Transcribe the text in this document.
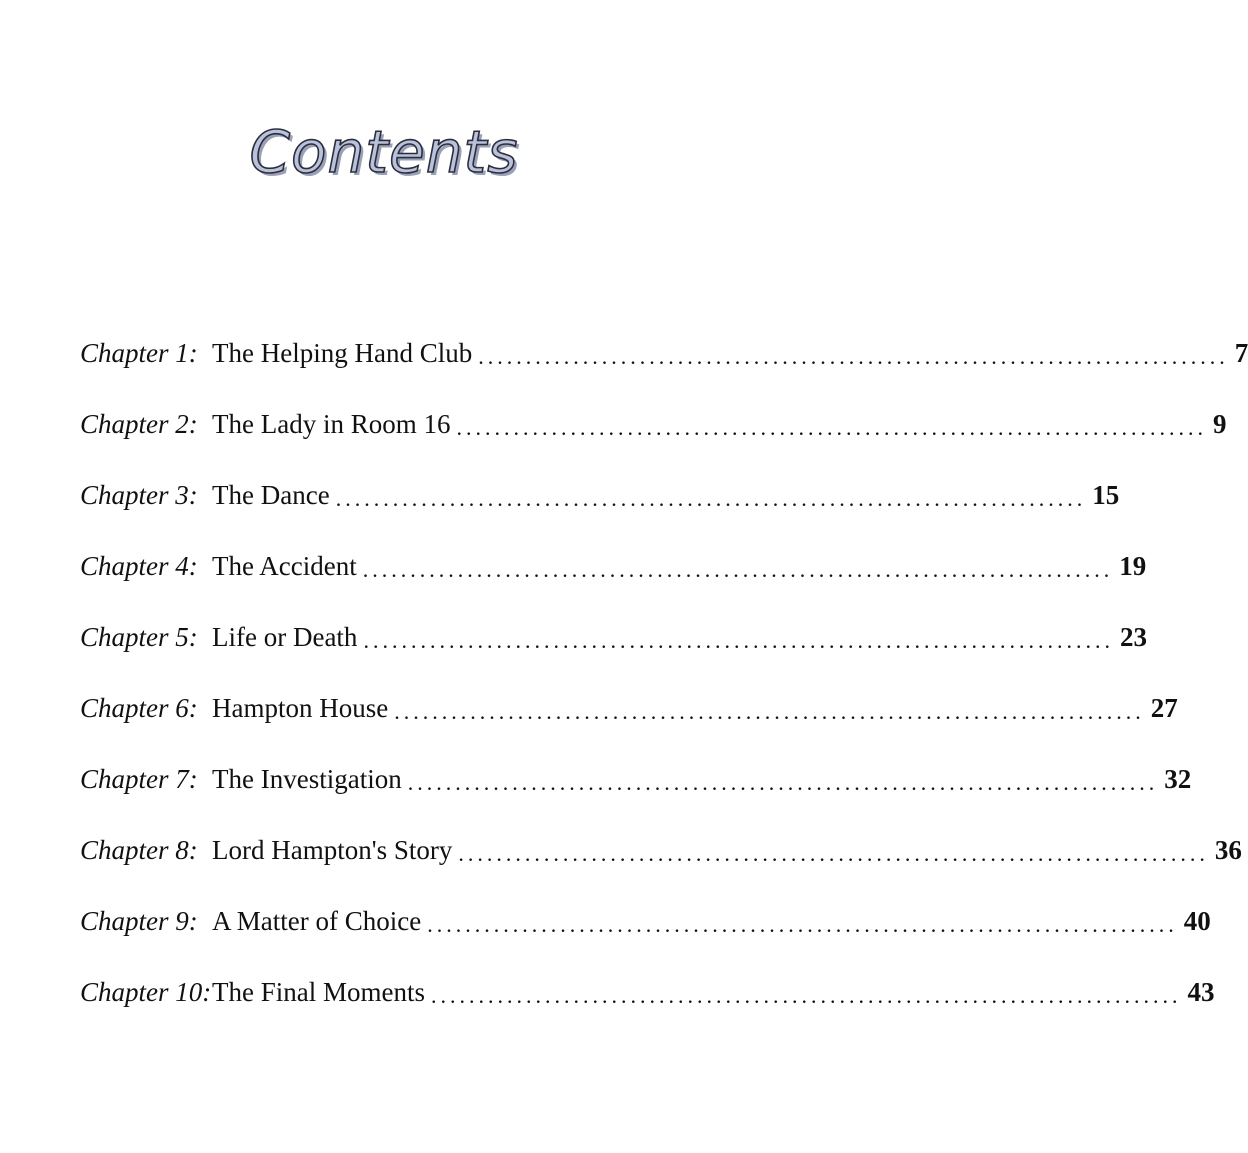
Contents
Chapter 1: The Helping Hand Club ............................................................................... 7
Chapter 2: The Lady in Room 16 ............................................................................... 9
Chapter 3: The Dance ............................................................................... 15
Chapter 4: The Accident ............................................................................... 19
Chapter 5: Life or Death ............................................................................... 23
Chapter 6: Hampton House ............................................................................... 27
Chapter 7: The Investigation ............................................................................... 32
Chapter 8: Lord Hampton's Story ............................................................................... 36
Chapter 9: A Matter of Choice ............................................................................... 40
Chapter 10: The Final Moments ............................................................................... 43
